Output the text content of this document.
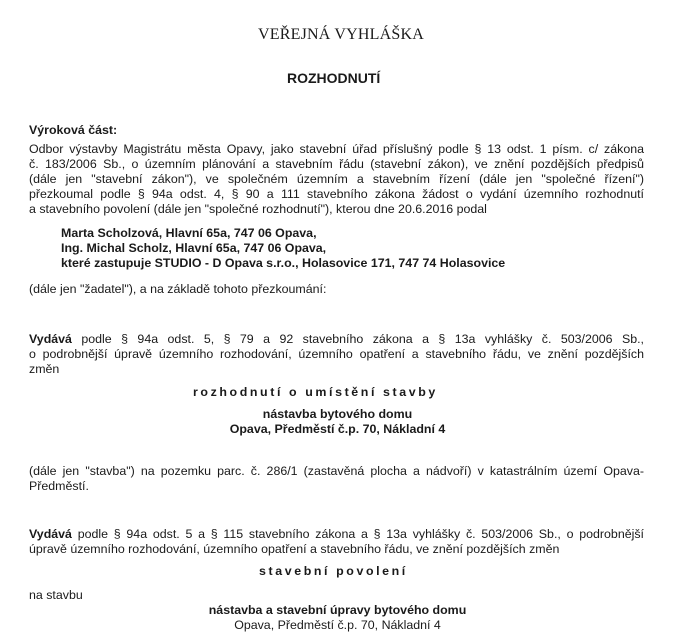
VEŘEJNÁ VYHLÁŠKA
ROZHODNUTÍ
Výroková část:
Odbor výstavby Magistrátu města Opavy, jako stavební úřad příslušný podle § 13 odst. 1 písm. c/ zákona
č. 183/2006 Sb., o územním plánování a stavebním řádu (stavební zákon), ve znění pozdějších předpisů
(dále jen "stavební zákon"), ve společném územním a stavebním řízení (dále jen "společné řízení")
přezkoumal podle § 94a odst. 4, § 90 a 111 stavebního zákona žádost o vydání územního rozhodnutí
a stavebního povolení (dále jen "společné rozhodnutí"), kterou dne 20.6.2016 podal
Marta Scholzová, Hlavní 65a, 747 06 Opava,
Ing. Michal Scholz, Hlavní 65a, 747 06 Opava,
které zastupuje STUDIO - D Opava s.r.o., Holasovice 171, 747 74 Holasovice
(dále jen "žadatel"), a na základě tohoto přezkoumání:
Vydává podle § 94a odst. 5, § 79 a 92 stavebního zákona a § 13a vyhlášky č. 503/2006 Sb.,
o podrobnější úpravě územního rozhodování, územního opatření a stavebního řádu, ve znění pozdějších
změn
rozhodnutí o umístění stavby
nástavba bytového domu
Opava, Předměstí č.p. 70, Nákladní 4
(dále jen "stavba") na pozemku parc. č. 286/1 (zastavěná plocha a nádvoří) v katastrálním území Opava-
Předměstí.
Vydává podle § 94a odst. 5 a § 115 stavebního zákona a § 13a vyhlášky č. 503/2006 Sb., o podrobnější
úpravě územního rozhodování, územního opatření a stavebního řádu, ve znění pozdějších změn
stavební povolení
na stavbu
nástavba a stavební úpravy bytového domu
Opava, Předměstí č.p. 70, Nákladní 4
